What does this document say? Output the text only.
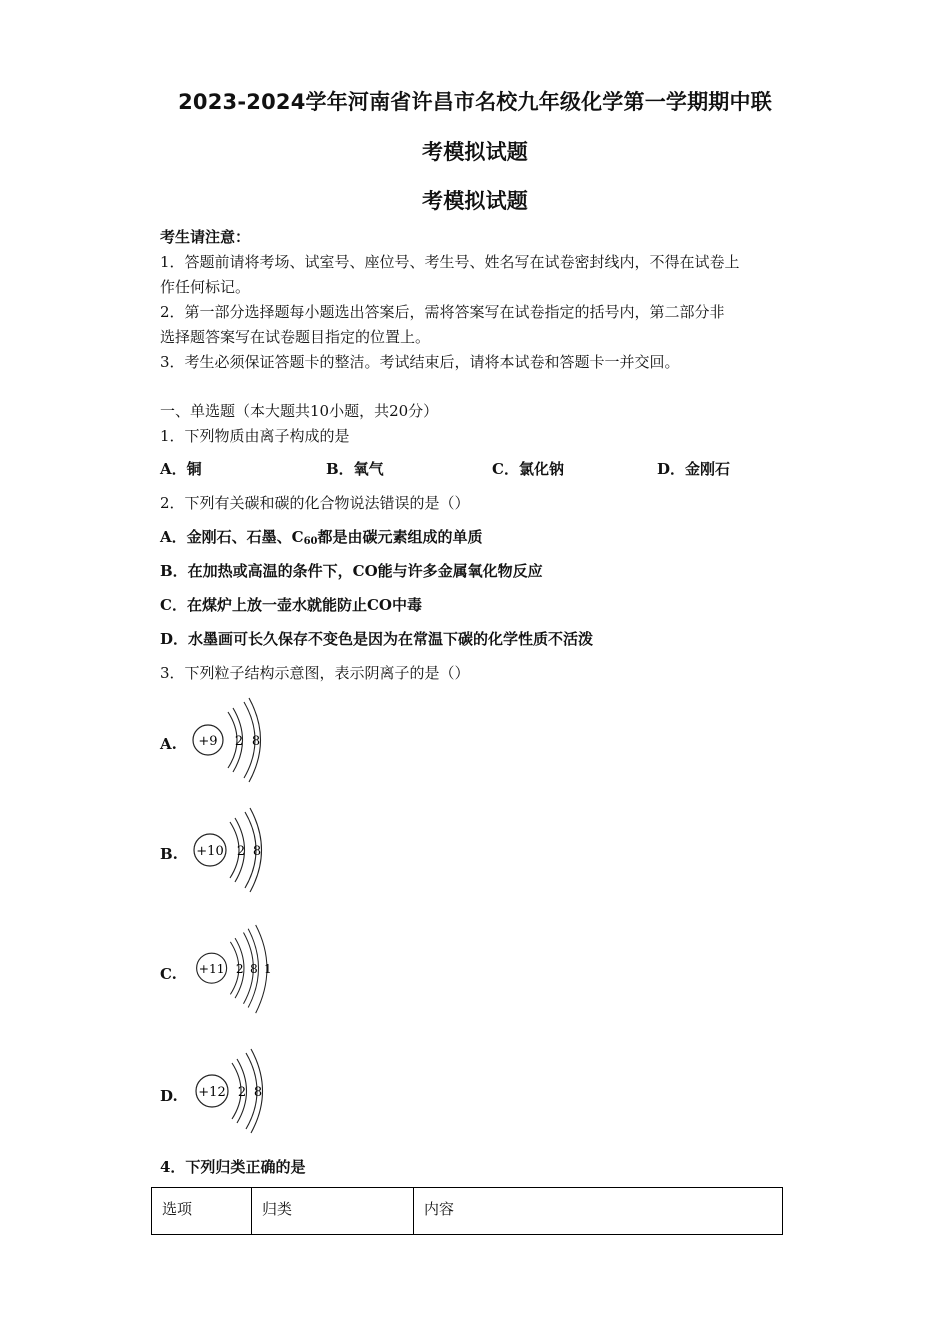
2023-2024学年河南省许昌市名校九年级化学第一学期期中联
考模拟试题
考模拟试题
考生请注意：
1．答题前请将考场、试室号、座位号、考生号、姓名写在试卷密封线内，不得在试卷上
作任何标记。
2．第一部分选择题每小题选出答案后，需将答案写在试卷指定的括号内，第二部分非
选择题答案写在试卷题目指定的位置上。
3．考生必须保证答题卡的整洁。考试结束后，请将本试卷和答题卡一并交回。
一、单选题（本大题共10小题，共20分）
1．下列物质由离子构成的是
A．铜	B．氧气	C．氯化钠	D．金刚石
2．下列有关碳和碳的化合物说法错误的是（）
A．金刚石、石墨、$C_{60}$都是由碳元素组成的单质
B．在加热或高温的条件下，CO能与许多金属氧化物反应
C．在煤炉上放一壶水就能防止CO中毒
D．水墨画可长久保存不变色是因为在常温下碳的化学性质不活泼
3．下列粒子结构示意图，表示阴离子的是（）
A. +9 2 8
B. +10 2 8
C. +11 2 8 1
D. +12 2 8
4．下列归类正确的是
选项	归类	内容
